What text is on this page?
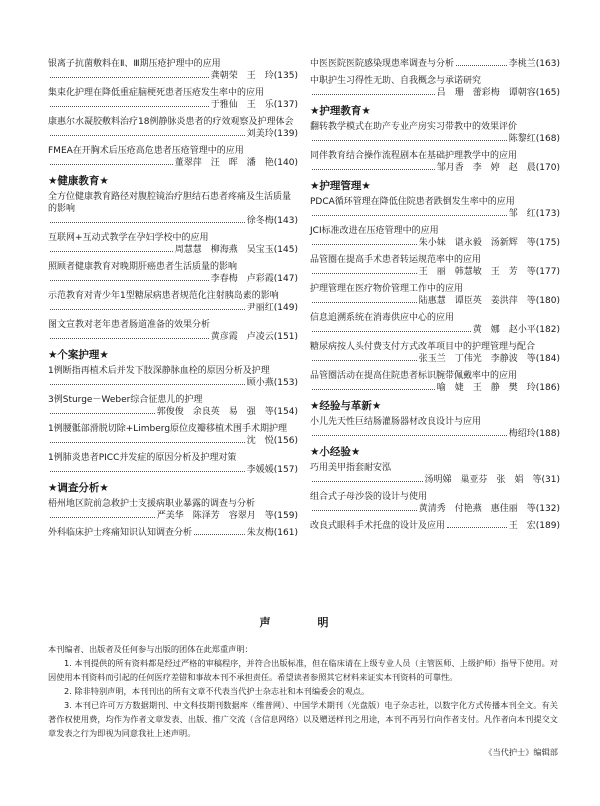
银离子抗菌敷料在Ⅱ、Ⅲ期压疮护理中的应用
龚朝荣　王　玲 (135)
集束化护理在降低重症脑梗死患者压疮发生率中的应用
于雅仙　王　乐 (137)
康惠尔水凝胶敷料治疗18例静脉炎患者的疗效观察及护理体会
刘美玲 (139)
FMEA在开胸术后压疮高危患者压疮管理中的应用
董翠萍　汪　晖　潘　艳 (140)
★健康教育★
全方位健康教育路径对腹腔镜治疗胆结石患者疼痛及生活质量的影响
徐冬梅 (143)
互联网+互动式教学在孕妇学校中的应用
周慧慧　柳海燕　吴宝玉 (145)
照顾者健康教育对晚期肝癌患者生活质量的影响
李春梅　卢彩霞 (147)
示范教育对青少年1型糖尿病患者规范化注射胰岛素的影响
尹丽红 (149)
图文宣教对老年患者肠道准备的效果分析
黄彦霞　卢凌云 (151)
★个案护理★
1例断指再植术后并发下肢深静脉血栓的原因分析及护理
顾小燕 (153)
3例Sturge－Weber综合征患儿的护理
郭俊俊　余良英　易　强　等 (154)
1例腰骶部滑脱切除+Limberg原位皮瓣移植术围手术期护理
沈　悦 (156)
1例肺炎患者PICC并发症的原因分析及护理对策
李媛媛 (157)
★调查分析★
梧州地区院前急救护士支援病职业暴露的调查与分析
严美华　陈泽芳　容翠月　等 (159)
外科临床护士疼痛知识认知调查分析	朱友梅 (161)
中医医院医院感染现患率调查与分析	李桃兰 (163)
中职护生习得性无助、自我概念与承诺研究
吕　珊　蕾彩梅　谭朝容 (165)
★护理教育★
翻转教学模式在助产专业产房实习带教中的效果评价
陈黎红 (168)
同伴教育结合操作流程剧本在基础护理教学中的应用
邹月香　李　婷　赵　晨 (170)
★护理管理★
PDCA循环管理在降低住院患者跌倒发生率中的应用
邹　红 (173)
JCI标准改进在压疮管理中的应用
朱小妹　谌永毅　汤新辉　等 (175)
品管圈在提高手术患者转运规范率中的应用
王　丽　韩慧敏　王　芳　等 (177)
护理管理在医疗物价管理工作中的应用
陆惠慧　谭臣英　姜洪萍　等 (180)
信息追溯系统在消毒供应中心的应用
黄　娜　赵小平 (182)
糖尿病按人头付费支付方式改革项目中的护理管理与配合
张玉兰　丁伟光　李静波　等 (184)
品管圈活动在提高住院患者标识腕带佩戴率中的应用
喻　婕　王　静　樊　玲 (186)
★经验与革新★
小儿先天性巨结肠灌肠器材改良设计与应用
梅绍玲 (188)
★小经验★
巧用美甲指套耐安泓
汤明娣　巢亚芬　张　娟　等 (31)
组合式子母沙袋的设计与使用
黄清秀　付艳燕　惠佳丽　等 (132)
改良式眼科手术托盘的设计及应用	王　宏 (189)
声　明

本刊编者、出版者及任何参与出版的团体在此郑重声明：

1. 本刊提供的所有资料都是经过严格的审稿程序，并符合出版标准，但在临床请在上级专业人员（主管医师、上级护师）指导下使用。对因使用本刊资料而引起的任何医疗差错和事故本刊不承担责任。希望读者参照其它材料来证实本刊资料的可靠性。

2. 除非特别声明，本刊刊出的所有文章不代表当代护士杂志社和本刊编委会的观点。

3. 本刊已许可万方数据期刊、中文科技期刊数据库（维普网）、中国学术期刊（光盘版）电子杂志社，以数字化方式传播本刊全文。有关著作权使用费，均作为作者文章发表、出版、推广交流（含信息网络）以及赠送样刊之用途，本刊不再另行向作者支付。凡作者向本刊提交文章发表之行为即视为同意我社上述声明。

《当代护士》编辑部
